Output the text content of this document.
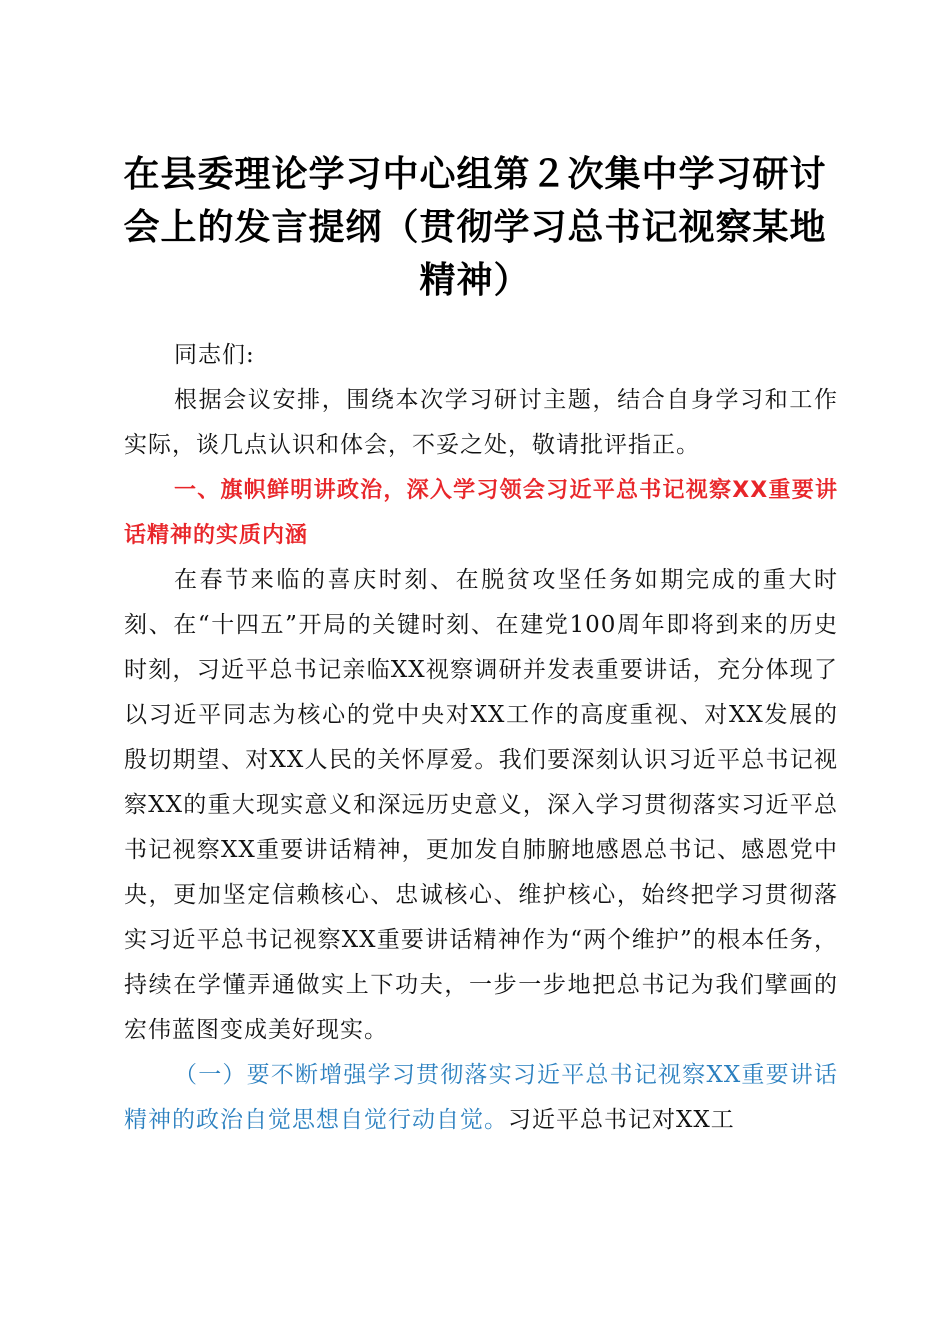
在县委理论学习中心组第２次集中学习研讨会上的发言提纲（贯彻学习总书记视察某地精神）

同志们:

根据会议安排，围绕本次学习研讨主题，结合自身学习和工作实际，谈几点认识和体会，不妥之处，敬请批评指正。

一、旗帜鲜明讲政治，深入学习领会习近平总书记视察XX重要讲话精神的实质内涵

在春节来临的喜庆时刻、在脱贫攻坚任务如期完成的重大时刻、在“十四五”开局的关键时刻、在建党100周年即将到来的历史时刻，习近平总书记亲临XX视察调研并发表重要讲话，充分体现了以习近平同志为核心的党中央对XX工作的高度重视、对XX发展的殷切期望、对XX人民的关怀厚爱。我们要深刻认识习近平总书记视察XX的重大现实意义和深远历史意义，深入学习贯彻落实习近平总书记视察XX重要讲话精神，更加发自肺腑地感恩总书记、感恩党中央，更加坚定信赖核心、忠诚核心、维护核心，始终把学习贯彻落实习近平总书记视察XX重要讲话精神作为“两个维护”的根本任务，持续在学懂弄通做实上下功夫，一步一步地把总书记为我们擘画的宏伟蓝图变成美好现实。

（一）要不断增强学习贯彻落实习近平总书记视察XX重要讲话精神的政治自觉思想自觉行动自觉。习近平总书记对XX工
